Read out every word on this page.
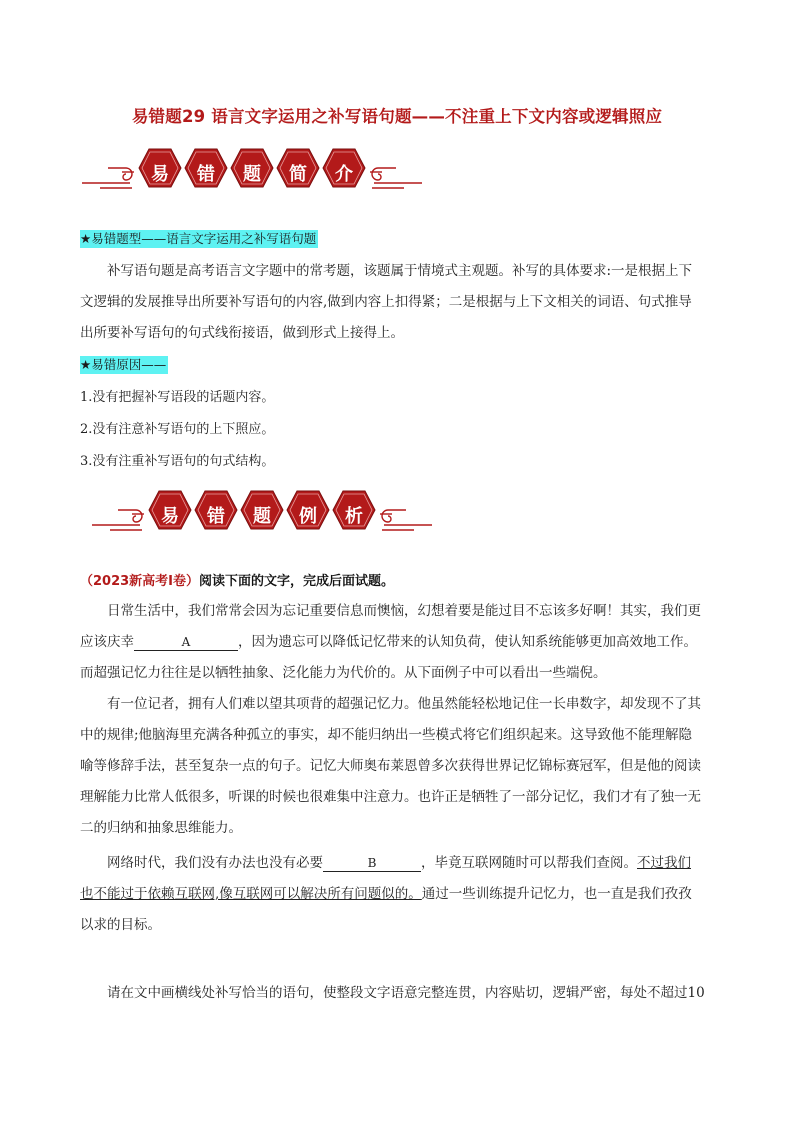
易错题29 语言文字运用之补写语句题——不注重上下文内容或逻辑照应
易	错	题	简	介
★易错题型——语言文字运用之补写语句题
补写语句题是高考语言文字题中的常考题，该题属于情境式主观题。补写的具体要求:一是根据上下
文逻辑的发展推导出所要补写语句的内容,做到内容上扣得紧；二是根据与上下文相关的词语、句式推导
出所要补写语句的句式线衔接语，做到形式上接得上。
★易错原因——
1.没有把握补写语段的话题内容。
2.没有注意补写语句的上下照应。
3.没有注重补写语句的句式结构。
易	错	题	例	析
（2023新高考Ⅰ卷）阅读下面的文字，完成后面试题。
日常生活中，我们常常会因为忘记重要信息而懊恼，幻想着要是能过目不忘该多好啊！其实，我们更
应该庆幸	A	，因为遗忘可以降低记忆带来的认知负荷，使认知系统能够更加高效地工作。
而超强记忆力往往是以牺牲抽象、泛化能力为代价的。从下面例子中可以看出一些端倪。
有一位记者，拥有人们难以望其项背的超强记忆力。他虽然能轻松地记住一长串数字，却发现不了其
中的规律;他脑海里充满各种孤立的事实，却不能归纳出一些模式将它们组织起来。这导致他不能理解隐
喻等修辞手法，甚至复杂一点的句子。记忆大师奥布莱恩曾多次获得世界记忆锦标赛冠军，但是他的阅读
理解能力比常人低很多，听课的时候也很难集中注意力。也许正是牺牲了一部分记忆，我们才有了独一无
二的归纳和抽象思维能力。
网络时代，我们没有办法也没有必要	B	，毕竟互联网随时可以帮我们查阅。不过我们
也不能过于依赖互联网,像互联网可以解决所有问题似的。通过一些训练提升记忆力，也一直是我们孜孜
以求的目标。
请在文中画横线处补写恰当的语句，使整段文字语意完整连贯，内容贴切，逻辑严密，每处不超过10
